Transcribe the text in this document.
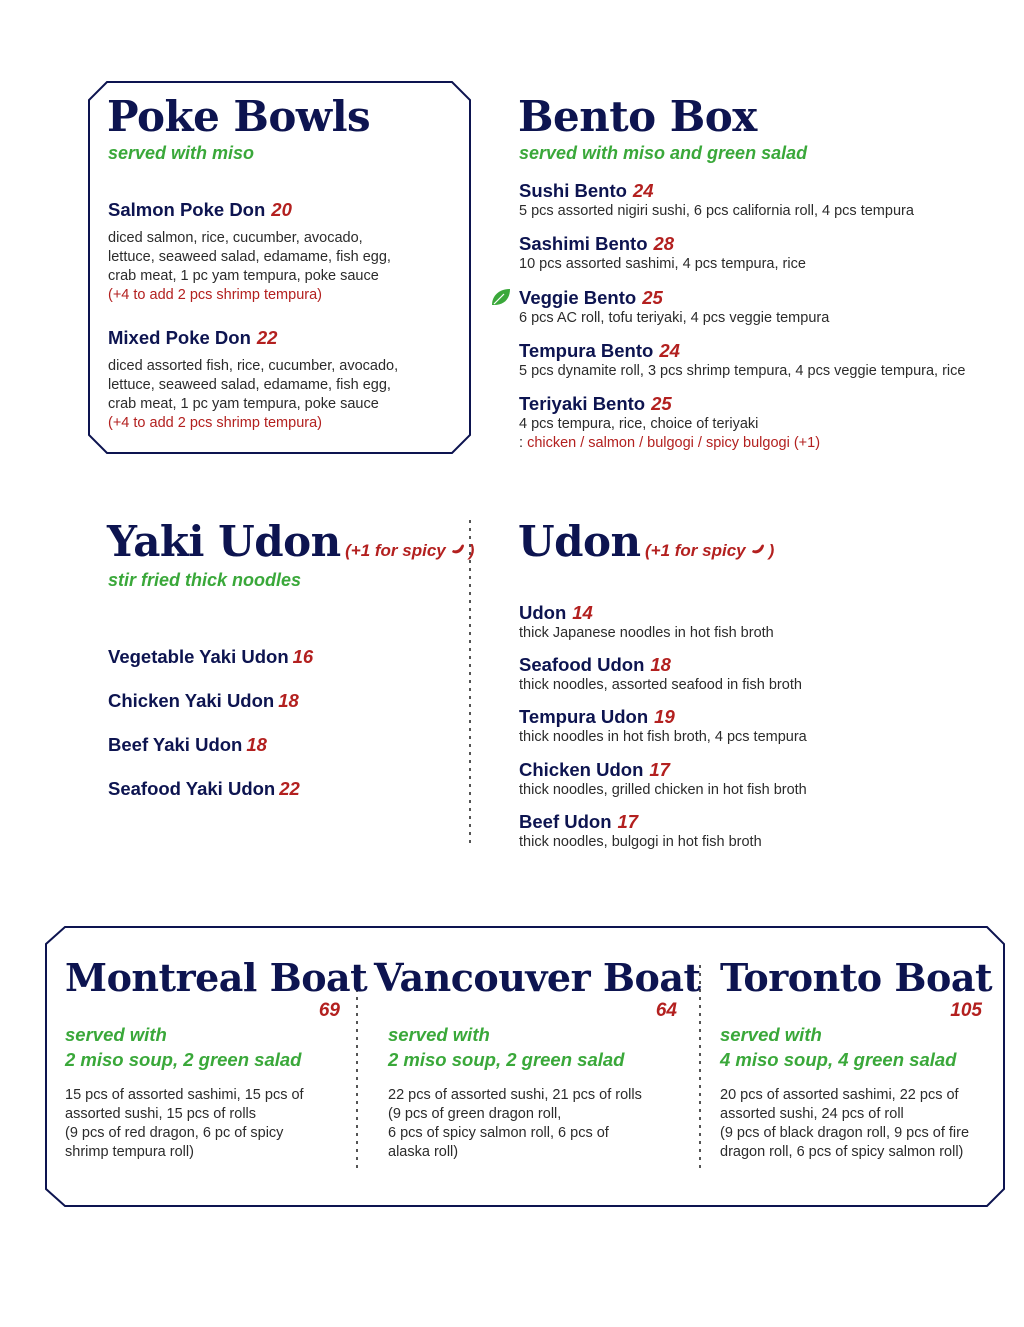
Poke Bowls
served with miso
Salmon Poke Don 20
diced salmon, rice, cucumber, avocado,
lettuce, seaweed salad, edamame, fish egg,
crab meat, 1 pc yam tempura, poke sauce
(+4 to add 2 pcs shrimp tempura)
Mixed Poke Don 22
diced assorted fish, rice, cucumber, avocado,
lettuce, seaweed salad, edamame, fish egg,
crab meat, 1 pc yam tempura, poke sauce
(+4 to add 2 pcs shrimp tempura)
Bento Box
served with miso and green salad
Sushi Bento 24
5 pcs assorted nigiri sushi, 6 pcs california roll, 4 pcs tempura
Sashimi Bento 28
10 pcs assorted sashimi, 4 pcs tempura, rice
Veggie Bento 25
6 pcs AC roll, tofu teriyaki, 4 pcs veggie tempura
Tempura Bento 24
5 pcs dynamite roll, 3 pcs shrimp tempura, 4 pcs veggie tempura, rice
Teriyaki Bento 25
4 pcs tempura, rice, choice of teriyaki
: chicken / salmon / bulgogi / spicy bulgogi (+1)
Yaki Udon (+1 for spicy )
stir fried thick noodles
Vegetable Yaki Udon 16
Chicken Yaki Udon 18
Beef Yaki Udon 18
Seafood Yaki Udon 22
Udon (+1 for spicy )
Udon 14
thick Japanese noodles in hot fish broth
Seafood Udon 18
thick noodles, assorted seafood in fish broth
Tempura Udon 19
thick noodles in hot fish broth, 4 pcs tempura
Chicken Udon 17
thick noodles, grilled chicken in hot fish broth
Beef Udon 17
thick noodles, bulgogi in hot fish broth
Montreal Boat
69
served with
2 miso soup, 2 green salad
15 pcs of assorted sashimi, 15 pcs of
assorted sushi, 15 pcs of rolls
(9 pcs of red dragon, 6 pc of spicy
shrimp tempura roll)
Vancouver Boat
64
served with
2 miso soup, 2 green salad
22 pcs of assorted sushi, 21 pcs of rolls
(9 pcs of green dragon roll,
6 pcs of spicy salmon roll, 6 pcs of
alaska roll)
Toronto Boat
105
served with
4 miso soup, 4 green salad
20 pcs of assorted sashimi, 22 pcs of
assorted sushi, 24 pcs of roll
(9 pcs of black dragon roll, 9 pcs of fire
dragon roll, 6 pcs of spicy salmon roll)
